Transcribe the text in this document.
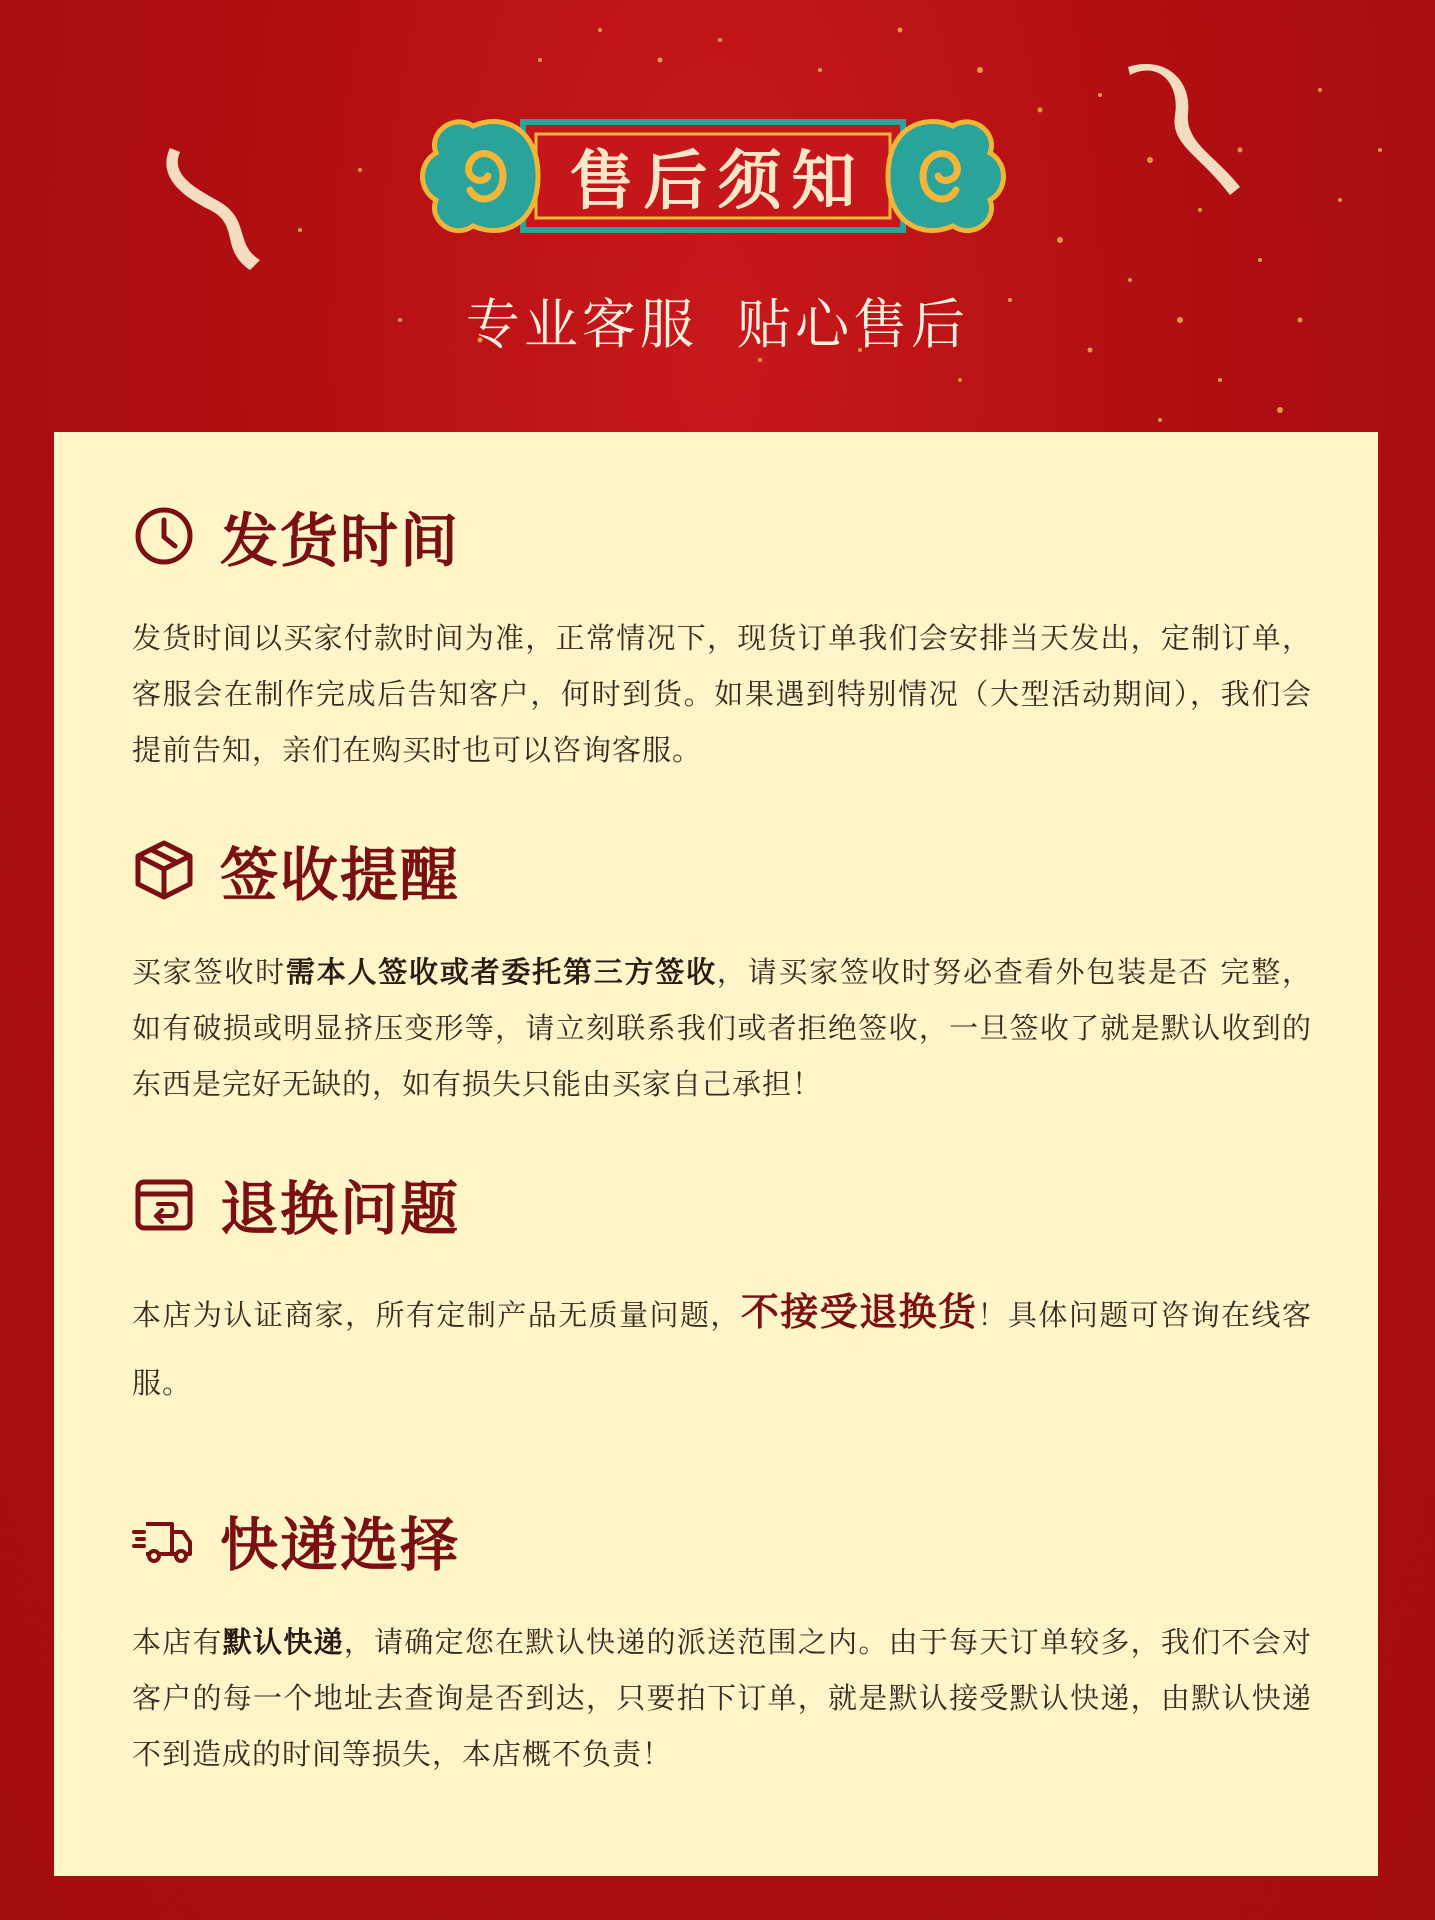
售后须知
专业客服 贴心售后
发货时间
发货时间以买家付款时间为准，正常情况下，现货订单我们会安排当天发出，定制订单，客服会在制作完成后告知客户，何时到货。如果遇到特别情况（大型活动期间），我们会提前告知，亲们在购买时也可以咨询客服。
签收提醒
买家签收时需本人签收或者委托第三方签收，请买家签收时努必查看外包装是否 完整，如有破损或明显挤压变形等，请立刻联系我们或者拒绝签收，一旦签收了就是默认收到的东西是完好无缺的，如有损失只能由买家自己承担！
退换问题
本店为认证商家，所有定制产品无质量问题，不接受退换货！具体问题可咨询在线客服。
快递选择
本店有默认快递，请确定您在默认快递的派送范围之内。由于每天订单较多，我们不会对客户的每一个地址去查询是否到达，只要拍下订单，就是默认接受默认快递，由默认快递不到造成的时间等损失，本店概不负责！
